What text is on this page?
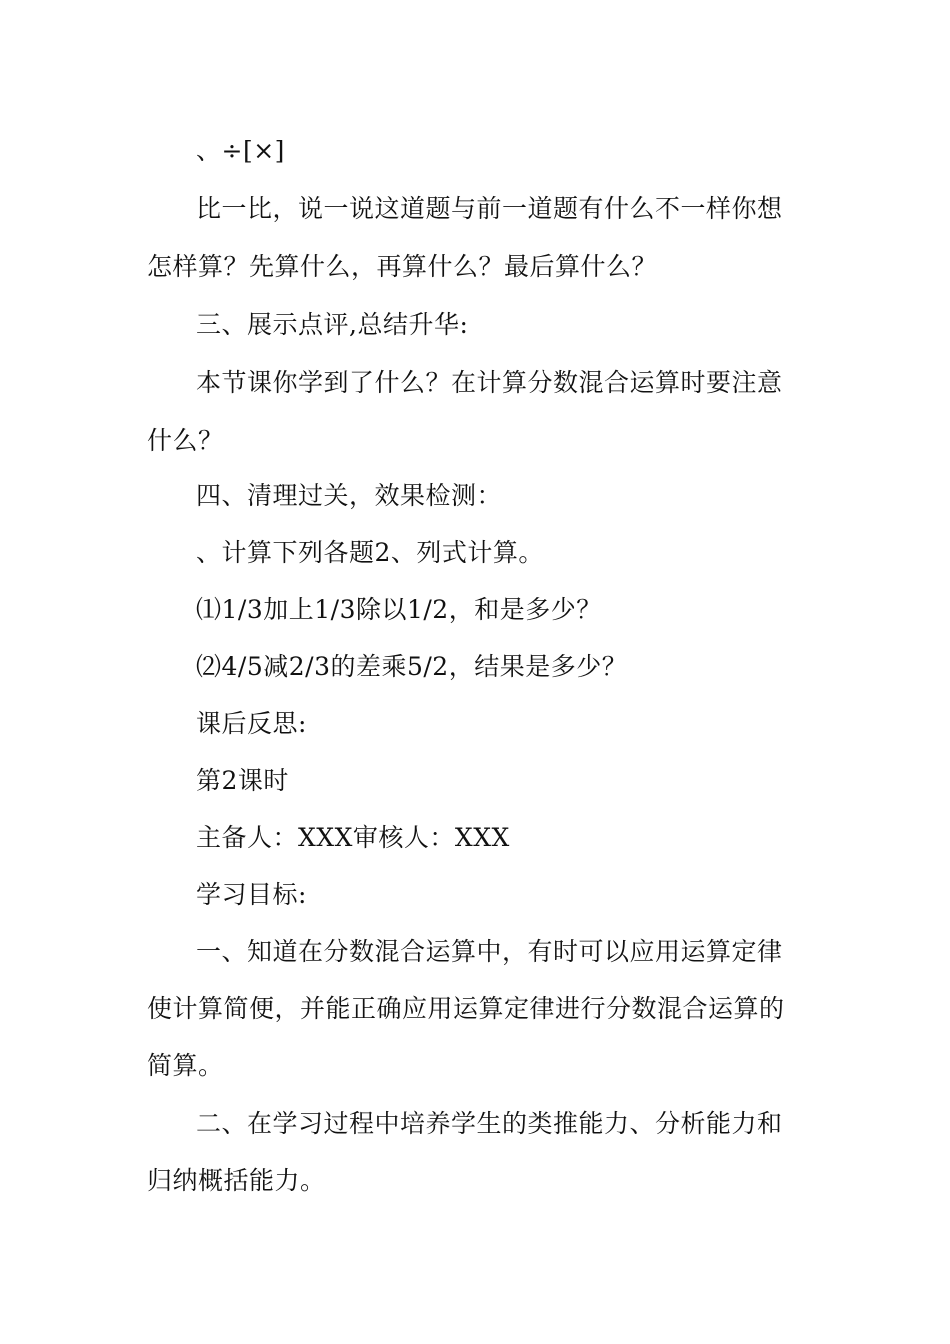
、÷[×]

比一比，说一说这道题与前一道题有什么不一样你想

怎样算？先算什么，再算什么？最后算什么？

三、展示点评,总结升华:

本节课你学到了什么？在计算分数混合运算时要注意

什么？

四、清理过关，效果检测：

、计算下列各题2、列式计算。

⑴1/3加上1/3除以1/2，和是多少？

⑵4/5减2/3的差乘5/2，结果是多少？

课后反思:

第2课时

主备人：XXX审核人：XXX

学习目标:

一、知道在分数混合运算中，有时可以应用运算定律

使计算简便，并能正确应用运算定律进行分数混合运算的

简算。

二、在学习过程中培养学生的类推能力、分析能力和

归纳概括能力。
